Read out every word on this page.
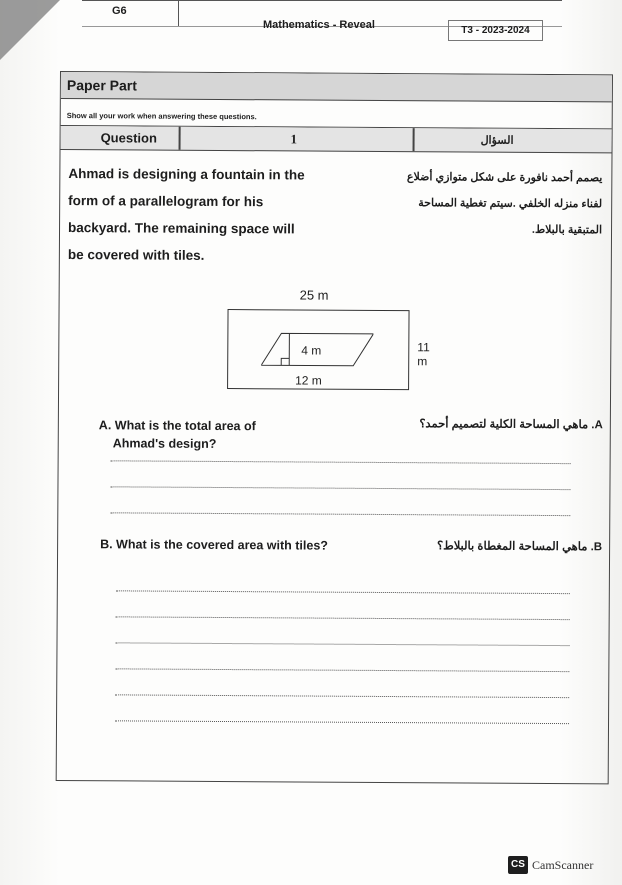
G6
Mathematics - Reveal	T3 - 2023-2024
Paper Part
Show all your work when answering these questions.
Question	1	السؤال
Ahmad is designing a fountain in the
form of a parallelogram for his
backyard. The remaining space will
be covered with tiles.
يصمم أحمد نافورة على شكل متوازي أضلاع
لفناء منزله الخلفي .سيتم تغطية المساحة
المتبقية بالبلاط.
25 m
4 m
12 m
11 m
A. What is the total area of
Ahmad's design?
A. ماهي المساحة الكلية لتصميم أحمد؟
B. What is the covered area with tiles?	B. ماهي المساحة المغطاة بالبلاط؟
CS CamScanner
